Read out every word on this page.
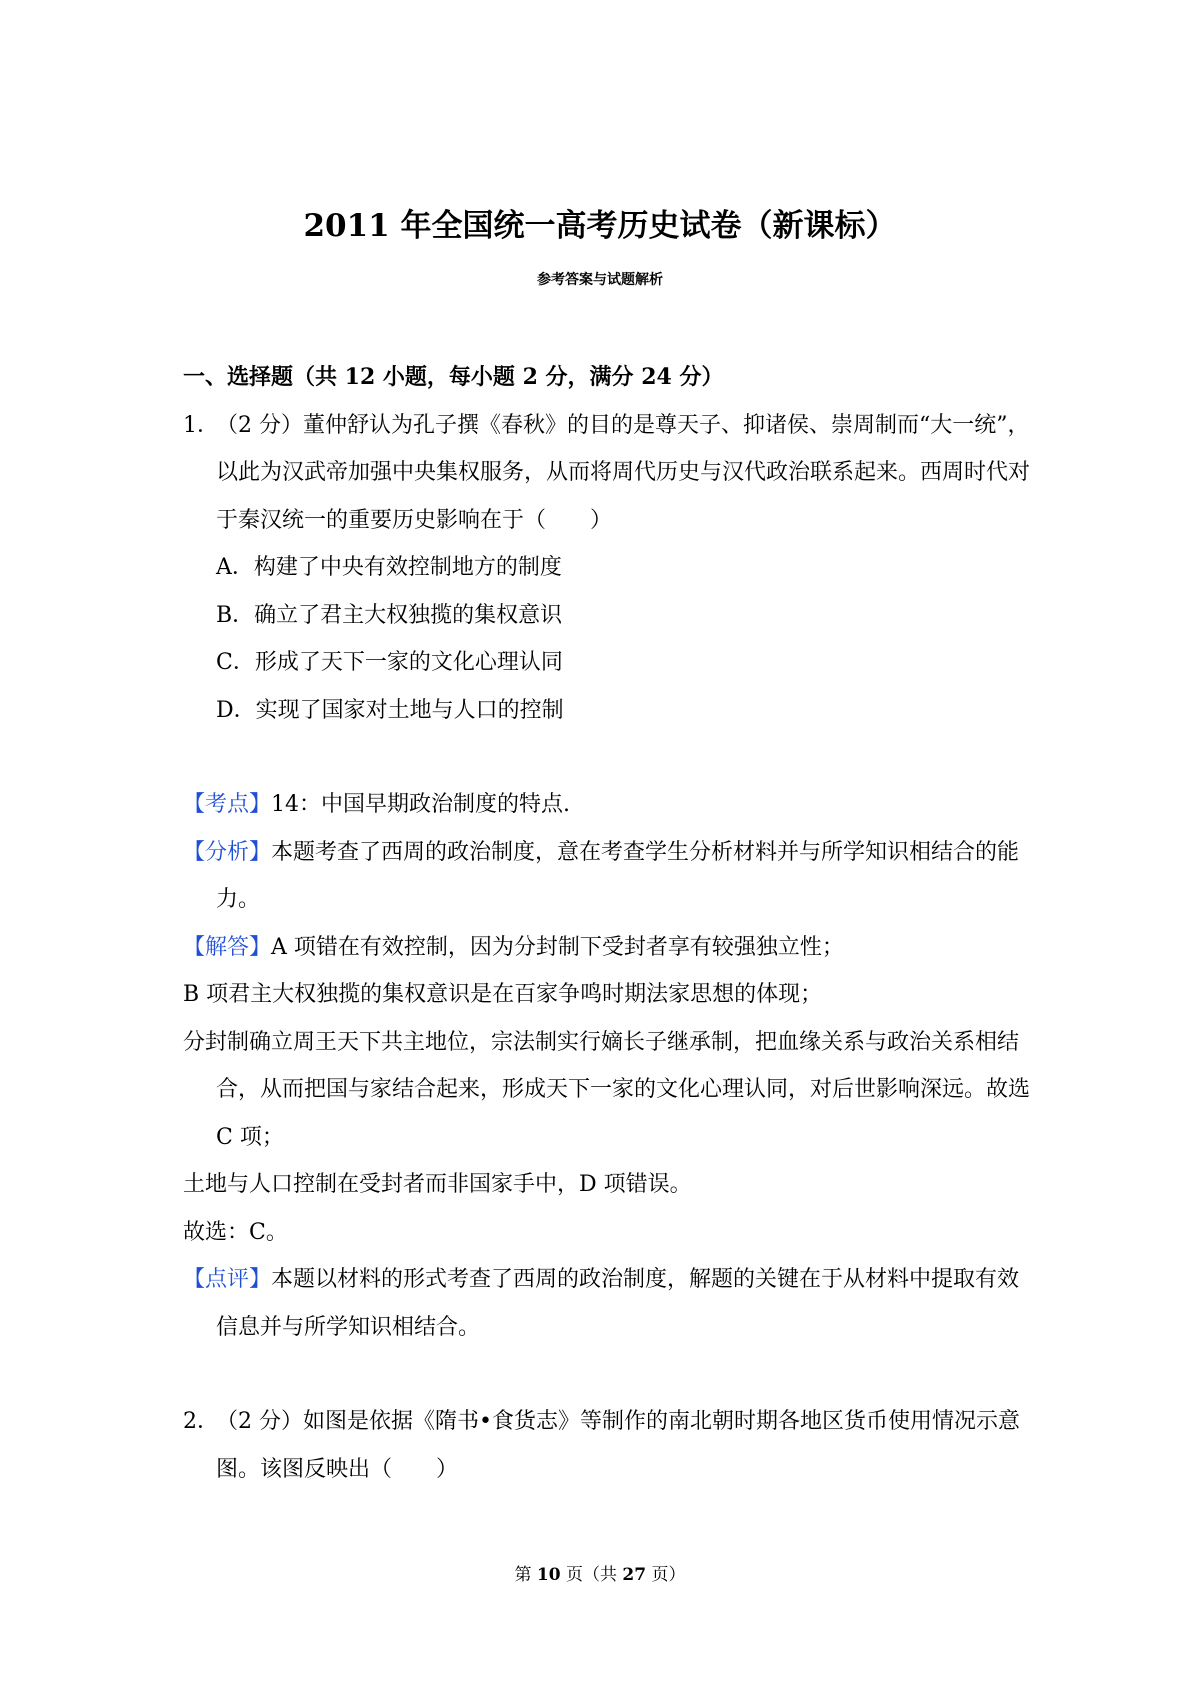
2011 年全国统一高考历史试卷（新课标）
参考答案与试题解析
一、选择题（共 12 小题，每小题 2 分，满分 24 分）
1．（2 分）董仲舒认为孔子撰《春秋》的目的是尊天子、抑诸侯、崇周制而“大一统”，以此为汉武帝加强中央集权服务，从而将周代历史与汉代政治联系起来。西周时代对于秦汉统一的重要历史影响在于（　　）
A．构建了中央有效控制地方的制度
B．确立了君主大权独揽的集权意识
C．形成了天下一家的文化心理认同
D．实现了国家对土地与人口的控制
【考点】14：中国早期政治制度的特点.
【分析】本题考查了西周的政治制度，意在考查学生分析材料并与所学知识相结合的能力。
【解答】A 项错在有效控制，因为分封制下受封者享有较强独立性；
B 项君主大权独揽的集权意识是在百家争鸣时期法家思想的体现；
分封制确立周王天下共主地位，宗法制实行嫡长子继承制，把血缘关系与政治关系相结合，从而把国与家结合起来，形成天下一家的文化心理认同，对后世影响深远。故选 C 项；
土地与人口控制在受封者而非国家手中，D 项错误。
故选：C。
【点评】本题以材料的形式考查了西周的政治制度，解题的关键在于从材料中提取有效信息并与所学知识相结合。
2．（2 分）如图是依据《隋书•食货志》等制作的南北朝时期各地区货币使用情况示意图。该图反映出（　　）
第 10 页（共 27 页）
